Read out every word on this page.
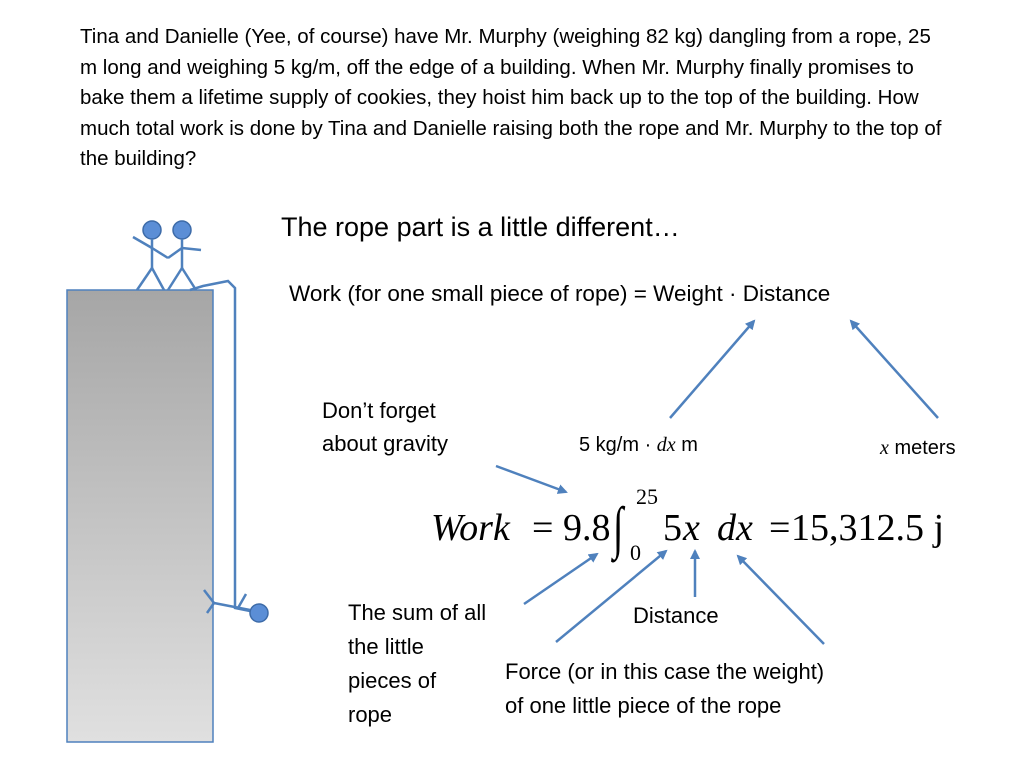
Tina and Danielle (Yee, of course) have Mr. Murphy (weighing 82 kg) dangling from a rope, 25 m long and weighing 5 kg/m, off the edge of a building. When Mr. Murphy finally promises to bake them a lifetime supply of cookies, they hoist him back up to the top of the building. How much total work is done by Tina and Danielle raising both the rope and Mr. Murphy to the top of the building?
The rope part is a little different…
Work (for one small piece of rope) = Weight · Distance
Don’t forget
about gravity	5 kg/m · dx m	x meters
Work = 9.8 ∫ 25
0
5 x dx = 15,312.5 j
The sum of all
the little
pieces of
rope
Distance
Force (or in this case the weight)
of one little piece of the rope
